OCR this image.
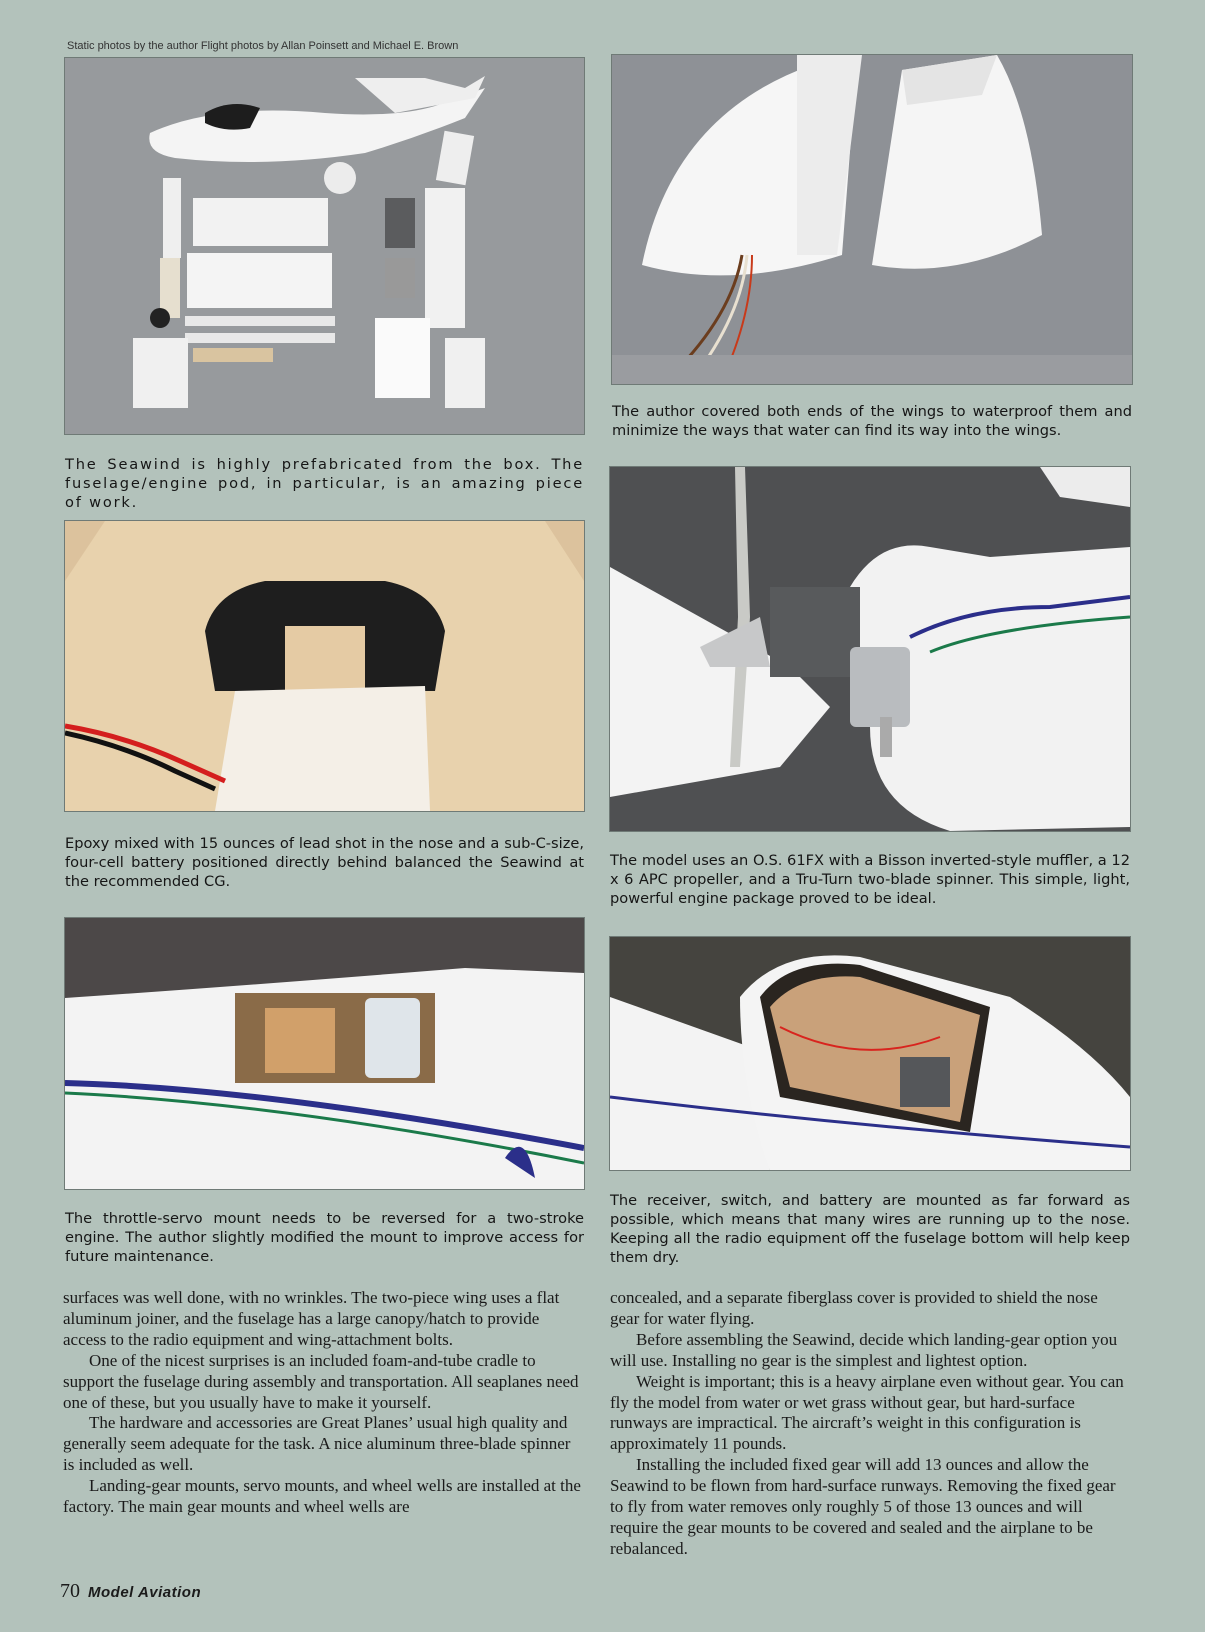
Static photos by the author Flight photos by Allan Poinsett and Michael E. Brown
The Seawind is highly prefabricated from the box. The fuselage/engine pod, in particular, is an amazing piece of work.
The author covered both ends of the wings to waterproof them and minimize the ways that water can find its way into the wings.
Epoxy mixed with 15 ounces of lead shot in the nose and a sub-C-size, four-cell battery positioned directly behind balanced the Seawind at the recommended CG.
The model uses an O.S. 61FX with a Bisson inverted-style muffler, a 12 x 6 APC propeller, and a Tru-Turn two-blade spinner. This simple, light, powerful engine package proved to be ideal.
The throttle-servo mount needs to be reversed for a two-stroke engine. The author slightly modified the mount to improve access for future maintenance.
The receiver, switch, and battery are mounted as far forward as possible, which means that many wires are running up to the nose. Keeping all the radio equipment off the fuselage bottom will help keep them dry.

surfaces was well done, with no wrinkles. The two-piece wing uses a flat aluminum joiner, and the fuselage has a large canopy/hatch to provide access to the radio equipment and wing-attachment bolts.

One of the nicest surprises is an included foam-and-tube cradle to support the fuselage during assembly and transportation. All seaplanes need one of these, but you usually have to make it yourself.

The hardware and accessories are Great Planes’ usual high quality and generally seem adequate for the task. A nice aluminum three-blade spinner is included as well.

Landing-gear mounts, servo mounts, and wheel wells are installed at the factory. The main gear mounts and wheel wells are

concealed, and a separate fiberglass cover is provided to shield the nose gear for water flying.

Before assembling the Seawind, decide which landing-gear option you will use. Installing no gear is the simplest and lightest option.

Weight is important; this is a heavy airplane even without gear. You can fly the model from water or wet grass without gear, but hard-surface runways are impractical. The aircraft’s weight in this configuration is approximately 11 pounds.

Installing the included fixed gear will add 13 ounces and allow the Seawind to be flown from hard-surface runways. Removing the fixed gear to fly from water removes only roughly 5 of those 13 ounces and will require the gear mounts to be covered and sealed and the airplane to be rebalanced.

70 Model Aviation
